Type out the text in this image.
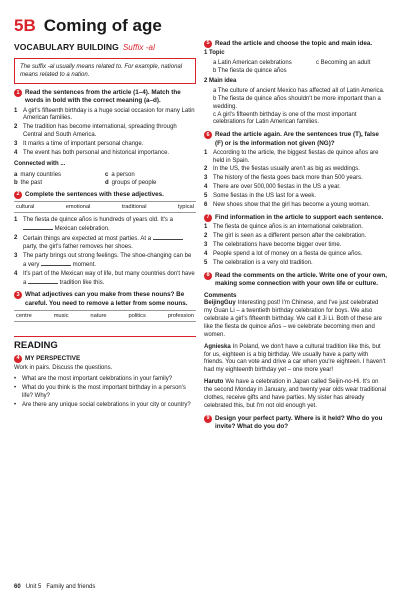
5B Coming of age
VOCABULARY BUILDING Suffix -al
The suffix -al usually means related to. For example, national means related to a nation.
1 Read the sentences from the article (1–4). Match the words in bold with the correct meaning (a–d).
1 A girl's fifteenth birthday is a huge social occasion for many Latin American families.
2 The tradition has become international, spreading through Central and South America.
3 It marks a time of important personal change.
4 The event has both personal and historical importance.
Connected with ...
a many countries	c a person
b the past	d groups of people
2 Complete the sentences with these adjectives.
cultural	emotional	traditional	typical
1 The fiesta de quince años is hundreds of years old. It's a  Mexican celebration.
2 Certain things are expected at most parties. At a  party, the girl's father removes her shoes.
3 The party brings out strong feelings. The shoe-changing can be a very	moment.
4 It's part of the Mexican way of life, but many countries don't have a	tradition like this.
3 What adjectives can you make from these nouns? Be careful. You need to remove a letter from some nouns.
centre	music	nature	politics	profession
READING
4 MY PERSPECTIVE
Work in pairs. Discuss the questions.
• What are the most important celebrations in your family?
• What do you think is the most important birthday in a person's life? Why?
• Are there any unique social celebrations in your city or country?
5 Read the article and choose the topic and main idea.
1 Topic
a Latin American celebrations	c Becoming an adult
b The fiesta de quince años
2 Main idea
a The culture of ancient Mexico has affected all of Latin America.
b The fiesta de quince años shouldn't be more important than a wedding.
c A girl's fifteenth birthday is one of the most important celebrations for Latin American families.
6 Read the article again. Are the sentences true (T), false (F) or is the information not given (NG)?
1 According to the article, the biggest fiestas de quince años are held in Spain.
2 In the US, the fiestas usually aren't as big as weddings.
3 The history of the fiesta goes back more than 500 years.
4 There are over 500,000 fiestas in the US a year.
5 Some fiestas in the US last for a week.
6 New shoes show that the girl has become a young woman.
7 Find information in the article to support each sentence.
1 The fiesta de quince años is an international celebration.
2 The girl is seen as a different person after the celebration.
3 The celebrations have become bigger over time.
4 People spend a lot of money on a fiesta de quince años.
5 The celebration is a very old tradition.
8 Read the comments on the article. Write one of your own, making some connection with your own life or culture.
Comments
BeijingGuy Interesting post! I'm Chinese, and I've just celebrated my Guan Li – a twentieth birthday celebration for boys. We also celebrate a girl's fifteenth birthday. We call it Ji Li. Both of these are like the fiesta de quince años – we celebrate becoming men and women.
Agnieska In Poland, we don't have a cultural tradition like this, but for us, eighteen is a big birthday. We usually have a party with friends. You can vote and drive a car when you're eighteen. I haven't had my eighteenth birthday yet – one more year!
Haruto We have a celebration in Japan called Seijin-no-Hi. It's on the second Monday in January, and twenty year olds wear traditional clothes, receive gifts and have parties. My sister has already celebrated this, but I'm not old enough yet.
9 Design your perfect party. Where is it held? Who do you invite? What do you do?
60 Unit 5 Family and friends
